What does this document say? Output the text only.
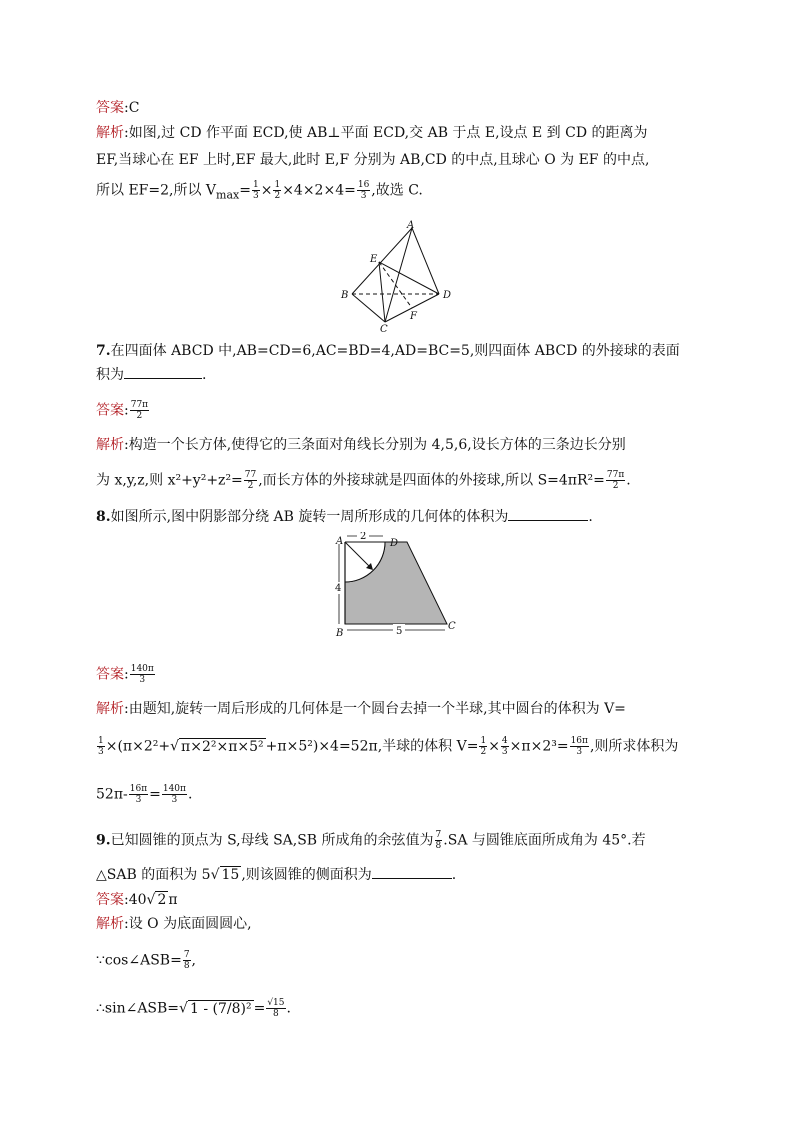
答案:C
解析:如图,过 CD 作平面 ECD,使 AB⊥平面 ECD,交 AB 于点 E,设点 E 到 CD 的距离为
EF,当球心在 EF 上时,EF 最大,此时 E,F 分别为 AB,CD 的中点,且球心 O 为 EF 的中点,
所以 EF=2,所以 $V_{max}= \frac{1}{3} \times \frac{1}{2} \times 4\times 2\times 4= \frac{16}{3}$ ,故选 C.
A
B
C
D
E
F
7.在四面体 ABCD 中,AB=CD=6,AC=BD=4,AD=BC=5,则四面体 ABCD 的外接球的表面
积为	.
答案: $\frac{77\pi}{2}$
解析:构造一个长方体,使得它的三条面对角线长分别为 4,5,6,设长方体的三条边长分别
为 x,y,z,则 $x^2+y^2+z^2= \frac{77}{2}$ ,而长方体的外接球就是四面体的外接球,所以 $S=4\pi R^2= \frac{77\pi}{2}$ .
8.如图所示,图中阴影部分绕 AB 旋转一周所形成的几何体的体积为	.
2
4
5
A
B
C
D
答案: $\frac{140\pi}{3}$
解析:由题知,旋转一周后形成的几何体是一个圆台去掉一个半球,其中圆台的体积为 V=
$\frac{1}{3} \times(\pi\times 2^2+√$ π×2²×π×5² +π×5²)×4=52π,半球的体积 $V= \frac{1}{2} \times \frac{4}{3} \times\pi\times 2^3= \frac{16\pi}{3}$ ,则所求体积为
$52\pi- \frac{16\pi}{3} = \frac{140\pi}{3}$ .
9.已知圆锥的顶点为 S,母线 SA,SB 所成角的余弦值为 $\frac{7}{8} .SA$ 与圆锥底面所成角为 45°.若
△SAB 的面积为 5√ 15 ,则该圆锥的侧面积为	.
答案:40√ 2 π
解析:设 O 为底面圆圆心,
∵cos∠ASB= $\frac{7}{8}$ ,
∴sin∠ASB=√ $1 - (7/8)^2 = \frac{√15}{8}$ .
